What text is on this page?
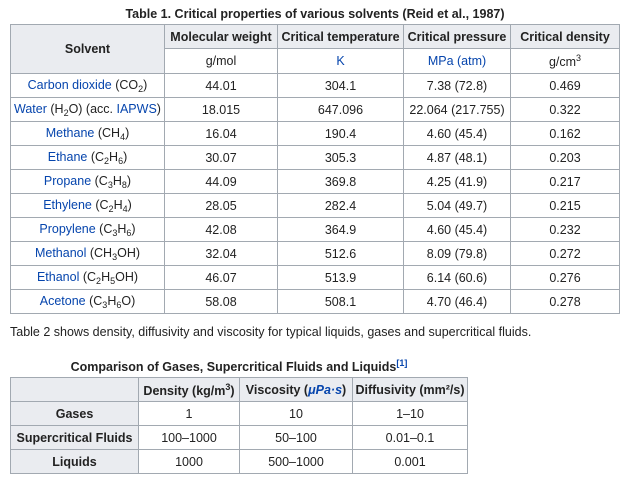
Table 1. Critical properties of various solvents (Reid et al., 1987)				
Solvent	Molecular weight	Critical temperature	Critical pressure	Critical density
	g/mol	K	MPa (atm)	$g/cm^3$
Carbon dioxide $(CO_2)$	44.01	304.1	7.38 (72.8)	0.469
Water $(H_2O)$ (acc. IAPWS)	18.015	647.096	22.064 (217.755)	0.322
Methane $(CH_4)$	16.04	190.4	4.60 (45.4)	0.162
Ethane $(C_2H_6)$	30.07	305.3	4.87 (48.1)	0.203
Propane $(C_3H_8)$	44.09	369.8	4.25 (41.9)	0.217
Ethylene $(C_2H_4)$	28.05	282.4	5.04 (49.7)	0.215
Propylene $(C_3H_6)$	42.08	364.9	4.60 (45.4)	0.232
Methanol $(CH_3OH)$	32.04	512.6	8.09 (79.8)	0.272
Ethanol $(C_2H_5OH)$	46.07	513.9	6.14 (60.6)	0.276
Acetone $(C_3H_6O)$	58.08	508.1	4.70 (46.4)	0.278
Table 2 shows density, diffusivity and viscosity for typical liquids, gases and supercritical fluids.
Comparison of Gases, Supercritical Fluids and Liquids[1]
	Density $(kg/m^3)$	Viscosity (μPa·s)	Diffusivity (mm²/s)
Gases	1	10	1–10
Supercritical Fluids	100–1000	50–100	0.01–0.1
Liquids	1000	500–1000	0.001
